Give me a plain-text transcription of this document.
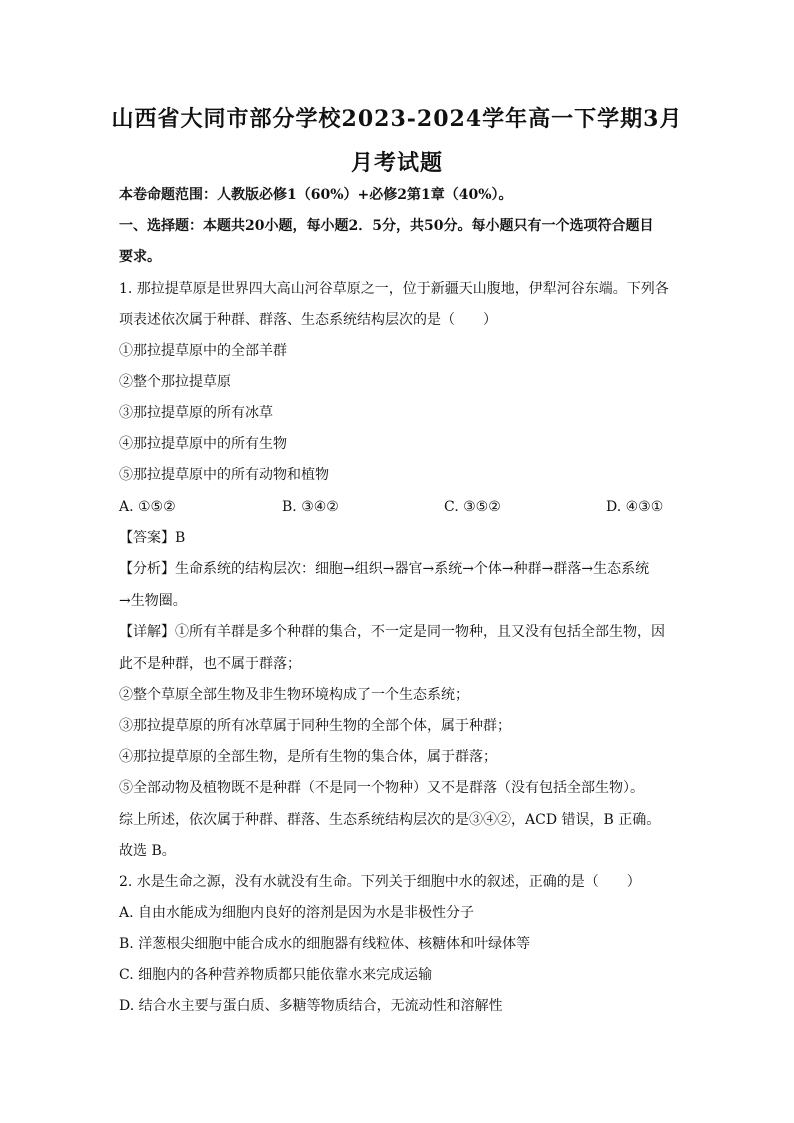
山西省大同市部分学校2023-2024学年高一下学期3月
月考试题
本卷命题范围：人教版必修1（60%）+必修2第1章（40%）。
一、选择题：本题共20小题，每小题2．5分，共50分。每小题只有一个选项符合题目
要求。
1. 那拉提草原是世界四大高山河谷草原之一，位于新疆天山腹地，伊犁河谷东端。下列各
项表述依次属于种群、群落、生态系统结构层次的是（　　）
①那拉提草原中的全部羊群
②整个那拉提草原
③那拉提草原的所有冰草
④那拉提草原中的所有生物
⑤那拉提草原中的所有动物和植物
A. ①⑤②	B. ③④②	C. ③⑤②	D. ④③①
【答案】B
【分析】生命系统的结构层次：细胞→组织→器官→系统→个体→种群→群落→生态系统
→生物圈。
【详解】①所有羊群是多个种群的集合，不一定是同一物种，且又没有包括全部生物，因
此不是种群，也不属于群落；
②整个草原全部生物及非生物环境构成了一个生态系统；
③那拉提草原的所有冰草属于同种生物的全部个体，属于种群；
④那拉提草原的全部生物，是所有生物的集合体，属于群落；
⑤全部动物及植物既不是种群（不是同一个物种）又不是群落（没有包括全部生物）。
综上所述，依次属于种群、群落、生态系统结构层次的是③④②，ACD 错误，B 正确。
故选 B。
2. 水是生命之源，没有水就没有生命。下列关于细胞中水的叙述，正确的是（　　）
A. 自由水能成为细胞内良好的溶剂是因为水是非极性分子
B. 洋葱根尖细胞中能合成水的细胞器有线粒体、核糖体和叶绿体等
C. 细胞内的各种营养物质都只能依靠水来完成运输
D. 结合水主要与蛋白质、多糖等物质结合，无流动性和溶解性
